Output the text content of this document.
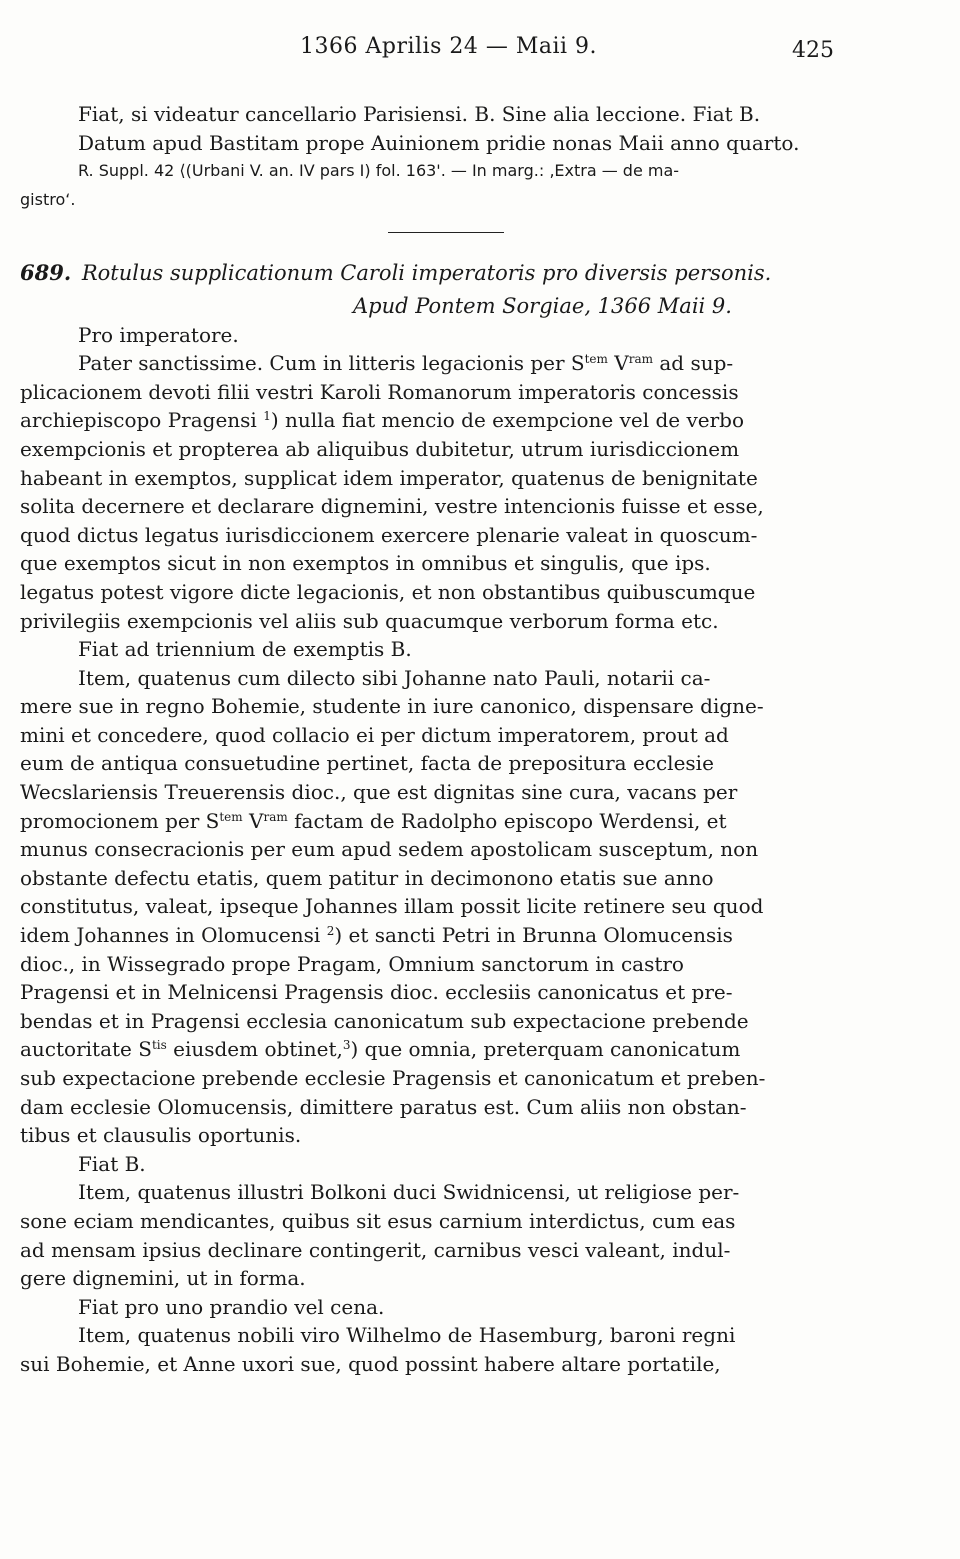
1366 Aprilis 24 — Maii 9.	425
Fiat, si videatur cancellario Parisiensi. B. Sine alia leccione. Fiat B.
Datum apud Bastitam prope Auinionem pridie nonas Maii anno quarto.
R. Suppl. 42 ⟨(Urbani V. an. IV pars I) fol. 163'. — In marg.: ‚Extra — de ma-
gistro‘.
689. Rotulus supplicationum Caroli imperatoris pro diversis personis.
Apud Pontem Sorgiae, 1366 Maii 9.
Pro imperatore.
Pater sanctissime. Cum in litteris legacionis per $S^{tem}$ $V^{ram}$ ad sup-
plicacionem devoti filii vestri Karoli Romanorum imperatoris concessis
archiepiscopo Pragensi $^1$) nulla fiat mencio de exempcione vel de verbo
exempcionis et propterea ab aliquibus dubitetur, utrum iurisdiccionem
habeant in exemptos, supplicat idem imperator, quatenus de benignitate
solita decernere et declarare dignemini, vestre intencionis fuisse et esse,
quod dictus legatus iurisdiccionem exercere plenarie valeat in quoscum-
que exemptos sicut in non exemptos in omnibus et singulis, que ips.
legatus potest vigore dicte legacionis, et non obstantibus quibuscumque
privilegiis exempcionis vel aliis sub quacumque verborum forma etc.
Fiat ad triennium de exemptis B.
Item, quatenus cum dilecto sibi Johanne nato Pauli, notarii ca-
mere sue in regno Bohemie, studente in iure canonico, dispensare digne-
mini et concedere, quod collacio ei per dictum imperatorem, prout ad
eum de antiqua consuetudine pertinet, facta de prepositura ecclesie
Wecslariensis Treuerensis dioc., que est dignitas sine cura, vacans per
promocionem per $S^{tem}$ $V^{ram}$ factam de Radolpho episcopo Werdensi, et
munus consecracionis per eum apud sedem apostolicam susceptum, non
obstante defectu etatis, quem patitur in decimonono etatis sue anno
constitutus, valeat, ipseque Johannes illam possit licite retinere seu quod
idem Johannes in Olomucensi $^2$) et sancti Petri in Brunna Olomucensis
dioc., in Wissegrado prope Pragam, Omnium sanctorum in castro
Pragensi et in Melnicensi Pragensis dioc. ecclesiis canonicatus et pre-
bendas et in Pragensi ecclesia canonicatum sub expectacione prebende
auctoritate $S^{tis}$ eiusdem obtinet,$^3$) que omnia, preterquam canonicatum
sub expectacione prebende ecclesie Pragensis et canonicatum et preben-
dam ecclesie Olomucensis, dimittere paratus est. Cum aliis non obstan-
tibus et clausulis oportunis.
Fiat B.
Item, quatenus illustri Bolkoni duci Swidnicensi, ut religiose per-
sone eciam mendicantes, quibus sit esus carnium interdictus, cum eas
ad mensam ipsius declinare contingerit, carnibus vesci valeant, indul-
gere dignemini, ut in forma.
Fiat pro uno prandio vel cena.
Item, quatenus nobili viro Wilhelmo de Hasemburg, baroni regni
sui Bohemie, et Anne uxori sue, quod possint habere altare portatile,
